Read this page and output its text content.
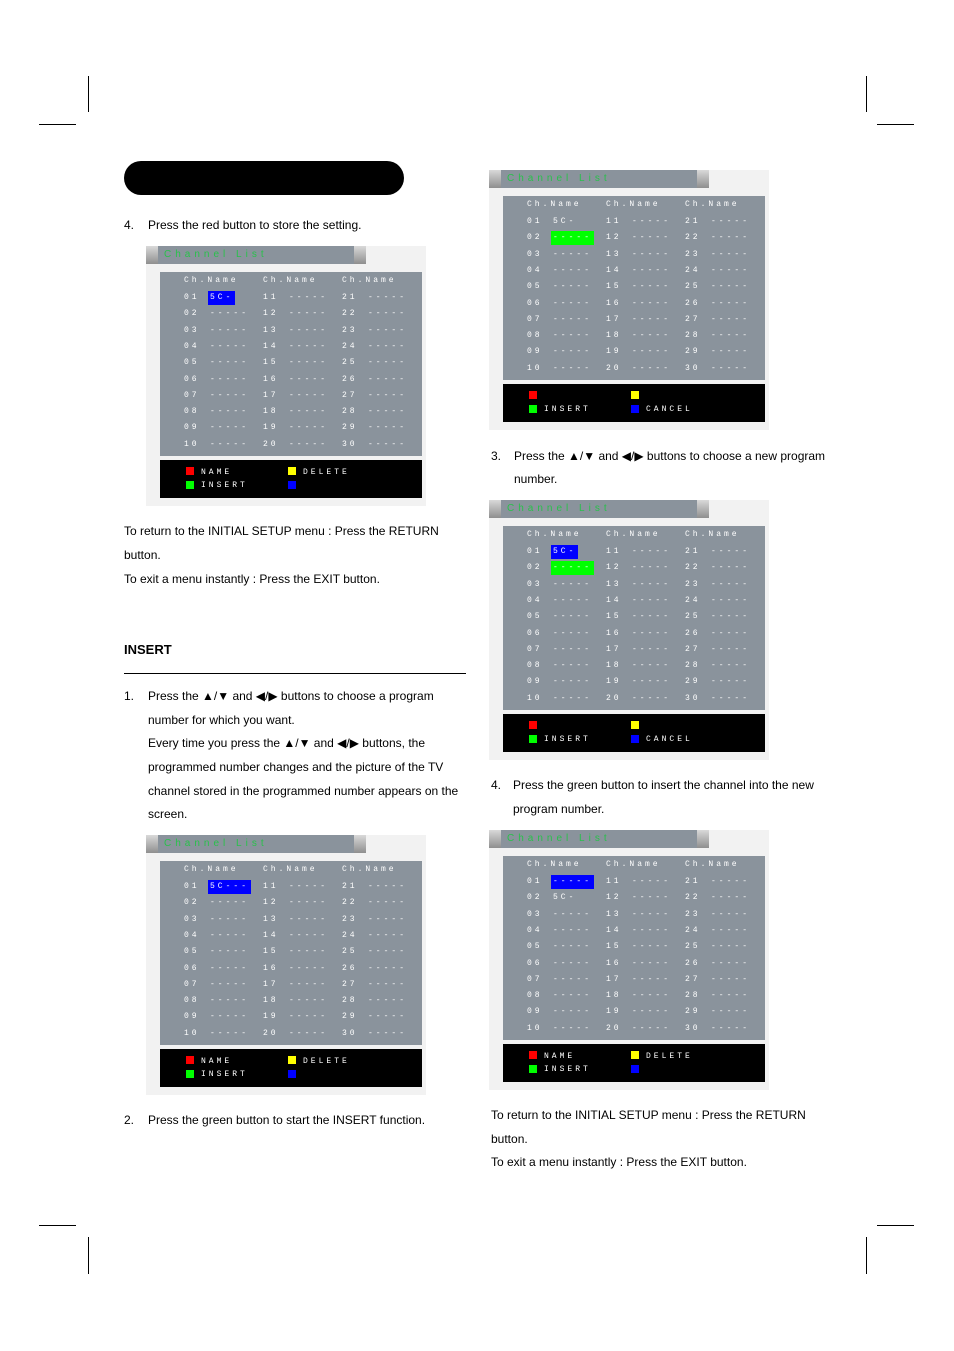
4. Press the red button to store the setting.
To return to the INITIAL SETUP menu : Press the RETURN
button.
To exit a menu instantly : Press the EXIT button.
INSERT
1. Press the ▲/▼ and ◀/▶ buttons to choose a program
number for which you want.
Every time you press the ▲/▼ and ◀/▶ buttons, the
programmed number changes and the picture of the TV
channel stored in the programmed number appears on the
screen.
2. Press the green button to start the INSERT function.
3. Press the ▲/▼ and ◀/▶ buttons to choose a new program
number.
4. Press the green button to insert the channel into the new
program number.
To return to the INITIAL SETUP menu : Press the RETURN
button.
To exit a menu instantly : Press the EXIT button.
Channel List
Ch.Name
01 5C-
02 -----
03 -----
04 -----
05 -----
06 -----
07 -----
08 -----
09 -----
10 -----
Ch.Name
11 -----
12 -----
13 -----
14 -----
15 -----
16 -----
17 -----
18 -----
19 -----
20 -----
Ch.Name
21 -----
22 -----
23 -----
24 -----
25 -----
26 -----
27 -----
28 -----
29 -----
30 -----
NAME
INSERT
DELETE
Channel List
Ch.Name
01 5C---
02 -----
03 -----
04 -----
05 -----
06 -----
07 -----
08 -----
09 -----
10 -----
Ch.Name
11 -----
12 -----
13 -----
14 -----
15 -----
16 -----
17 -----
18 -----
19 -----
20 -----
Ch.Name
21 -----
22 -----
23 -----
24 -----
25 -----
26 -----
27 -----
28 -----
29 -----
30 -----
NAME
INSERT
DELETE
Channel List
Ch.Name
01 5C-
02 -----
03 -----
04 -----
05 -----
06 -----
07 -----
08 -----
09 -----
10 -----
Ch.Name
11 -----
12 -----
13 -----
14 -----
15 -----
16 -----
17 -----
18 -----
19 -----
20 -----
Ch.Name
21 -----
22 -----
23 -----
24 -----
25 -----
26 -----
27 -----
28 -----
29 -----
30 -----
INSERT	CANCEL
Channel List
Ch.Name
01 5C-
02 -----
03 -----
04 -----
05 -----
06 -----
07 -----
08 -----
09 -----
10 -----
Ch.Name
11 -----
12 -----
13 -----
14 -----
15 -----
16 -----
17 -----
18 -----
19 -----
20 -----
Ch.Name
21 -----
22 -----
23 -----
24 -----
25 -----
26 -----
27 -----
28 -----
29 -----
30 -----
INSERT	CANCEL
Channel List
Ch.Name
01 -----
02 5C-
03 -----
04 -----
05 -----
06 -----
07 -----
08 -----
09 -----
10 -----
Ch.Name
11 -----
12 -----
13 -----
14 -----
15 -----
16 -----
17 -----
18 -----
19 -----
20 -----
Ch.Name
21 -----
22 -----
23 -----
24 -----
25 -----
26 -----
27 -----
28 -----
29 -----
30 -----
NAME
INSERT
DELETE
